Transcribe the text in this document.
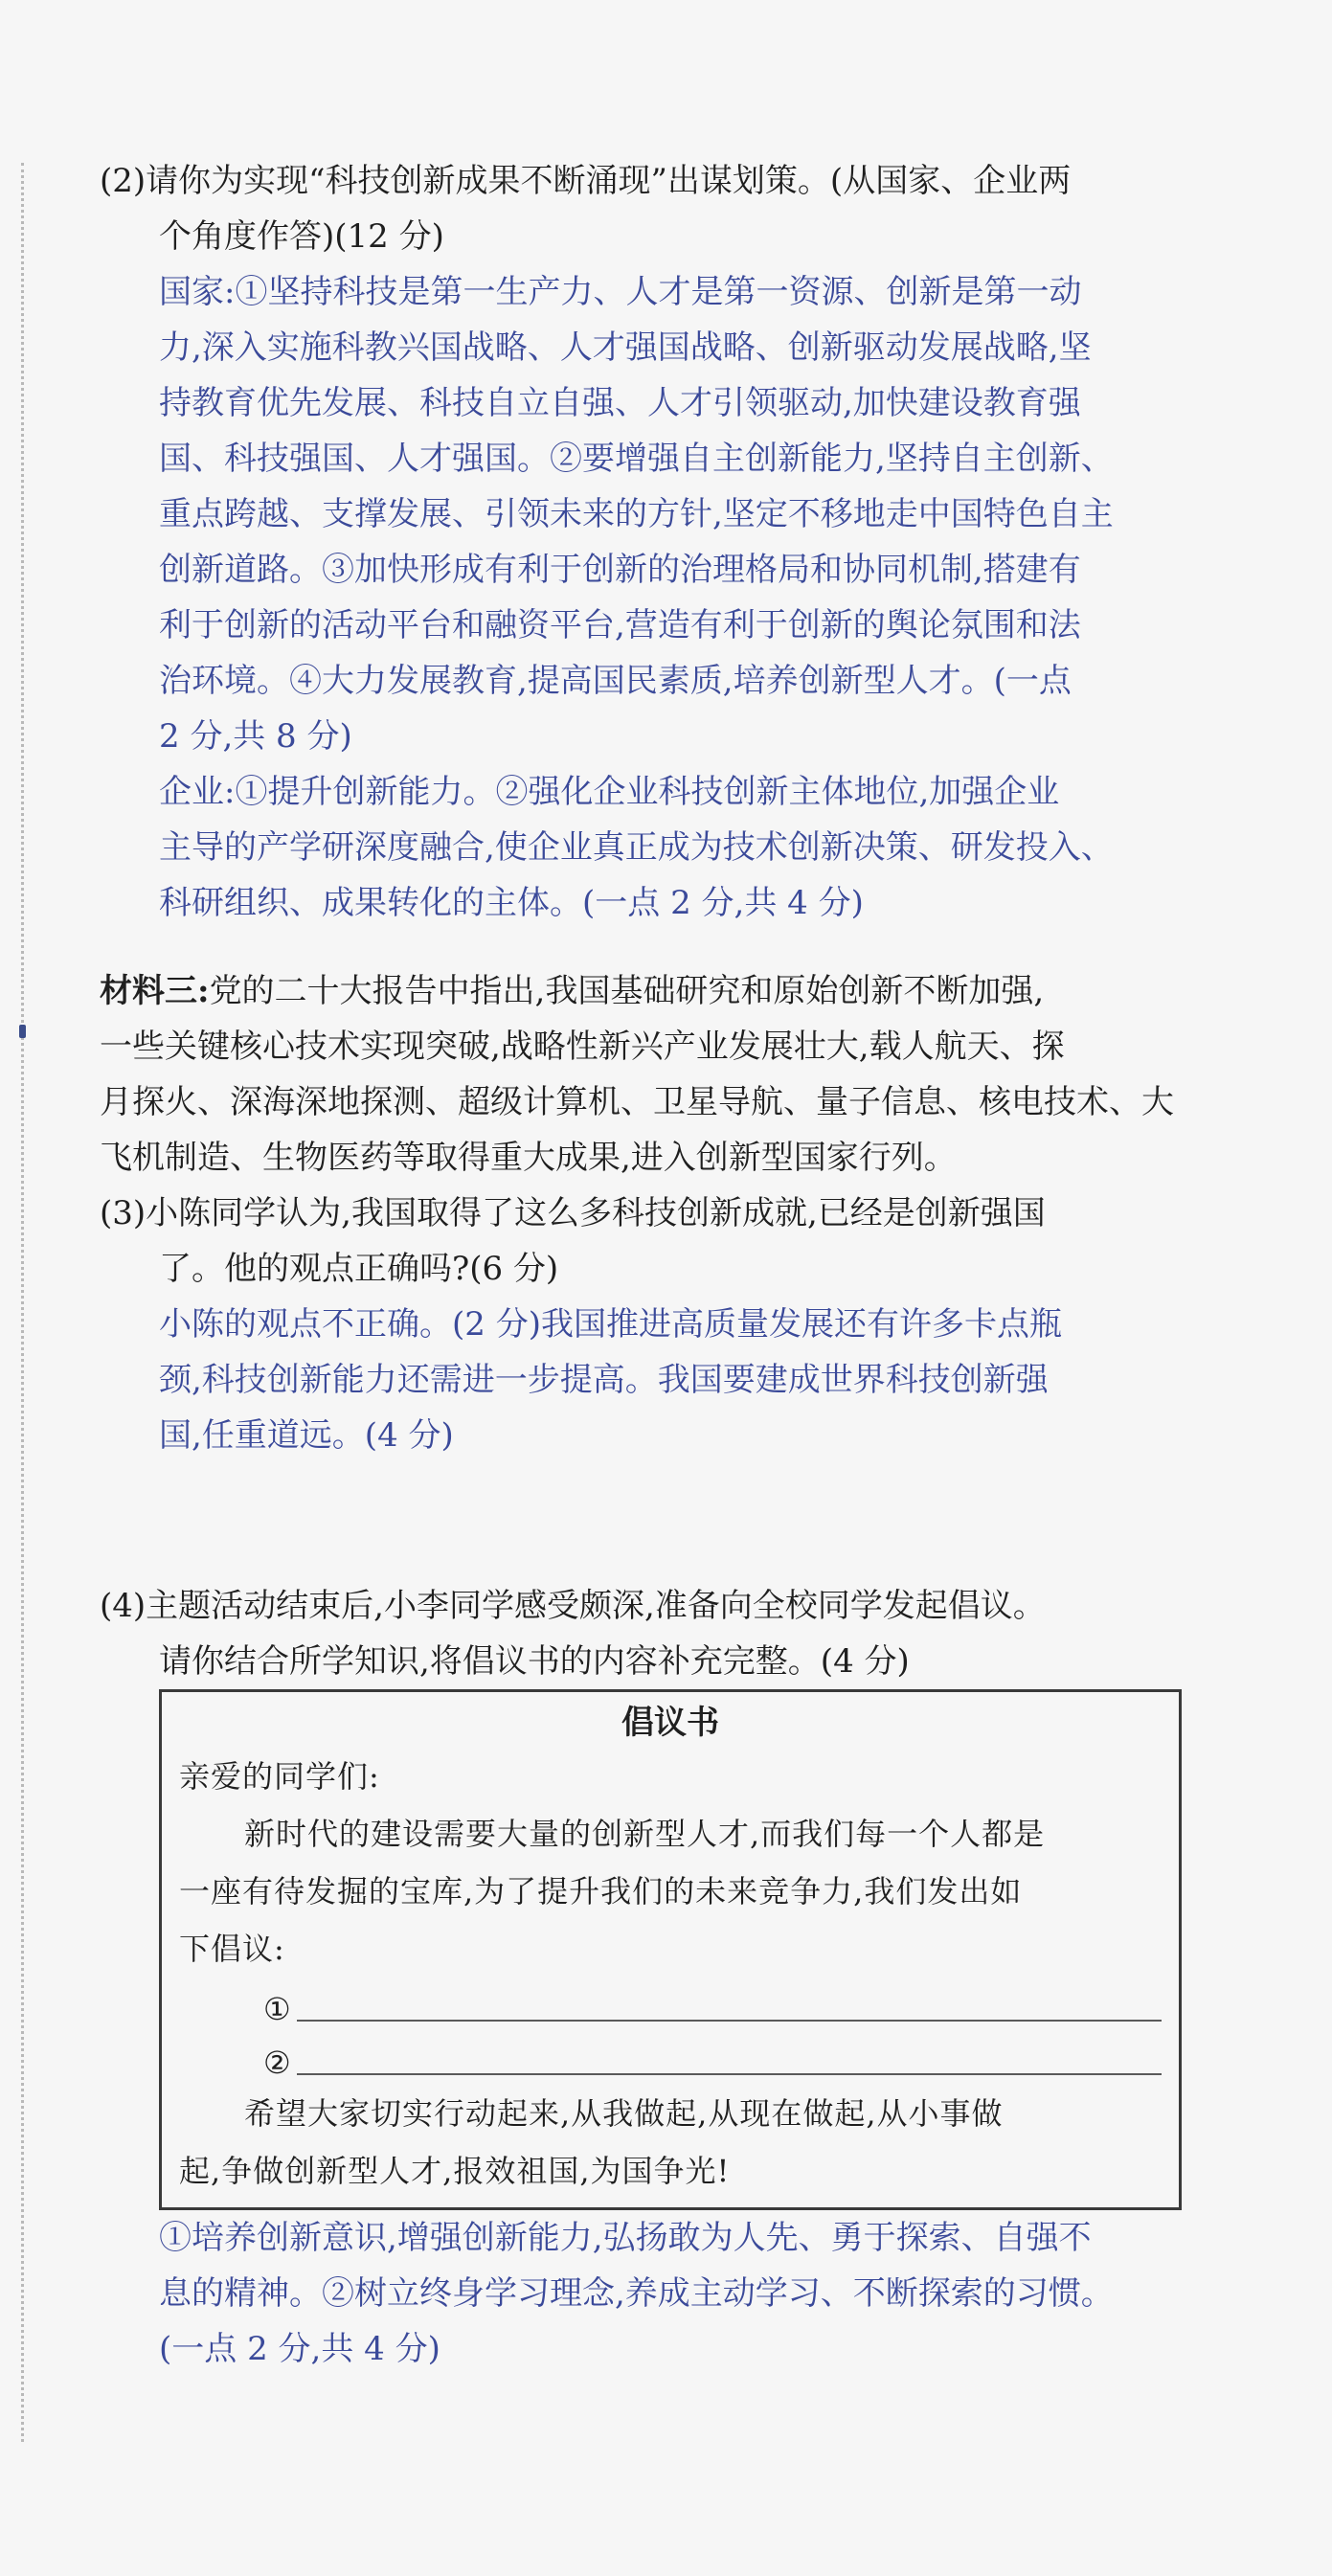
(2)请你为实现“科技创新成果不断涌现”出谋划策。(从国家、企业两

个角度作答)(12 分)

国家:①坚持科技是第一生产力、人才是第一资源、创新是第一动

力,深入实施科教兴国战略、人才强国战略、创新驱动发展战略,坚

持教育优先发展、科技自立自强、人才引领驱动,加快建设教育强

国、科技强国、人才强国。②要增强自主创新能力,坚持自主创新、

重点跨越、支撑发展、引领未来的方针,坚定不移地走中国特色自主

创新道路。③加快形成有利于创新的治理格局和协同机制,搭建有

利于创新的活动平台和融资平台,营造有利于创新的舆论氛围和法

治环境。④大力发展教育,提高国民素质,培养创新型人才。(一点

2 分,共 8 分)

企业:①提升创新能力。②强化企业科技创新主体地位,加强企业

主导的产学研深度融合,使企业真正成为技术创新决策、研发投入、

科研组织、成果转化的主体。(一点 2 分,共 4 分)

材料三:党的二十大报告中指出,我国基础研究和原始创新不断加强,

一些关键核心技术实现突破,战略性新兴产业发展壮大,载人航天、探

月探火、深海深地探测、超级计算机、卫星导航、量子信息、核电技术、大

飞机制造、生物医药等取得重大成果,进入创新型国家行列。

(3)小陈同学认为,我国取得了这么多科技创新成就,已经是创新强国

了。他的观点正确吗?(6 分)

小陈的观点不正确。(2 分)我国推进高质量发展还有许多卡点瓶

颈,科技创新能力还需进一步提高。我国要建成世界科技创新强

国,任重道远。(4 分)

(4)主题活动结束后,小李同学感受颇深,准备向全校同学发起倡议。

请你结合所学知识,将倡议书的内容补充完整。(4 分)

倡议书

亲爱的同学们:

新时代的建设需要大量的创新型人才,而我们每一个人都是

一座有待发掘的宝库,为了提升我们的未来竞争力,我们发出如

下倡议:

①
②

希望大家切实行动起来,从我做起,从现在做起,从小事做

起,争做创新型人才,报效祖国,为国争光!

①培养创新意识,增强创新能力,弘扬敢为人先、勇于探索、自强不

息的精神。②树立终身学习理念,养成主动学习、不断探索的习惯。

(一点 2 分,共 4 分)
